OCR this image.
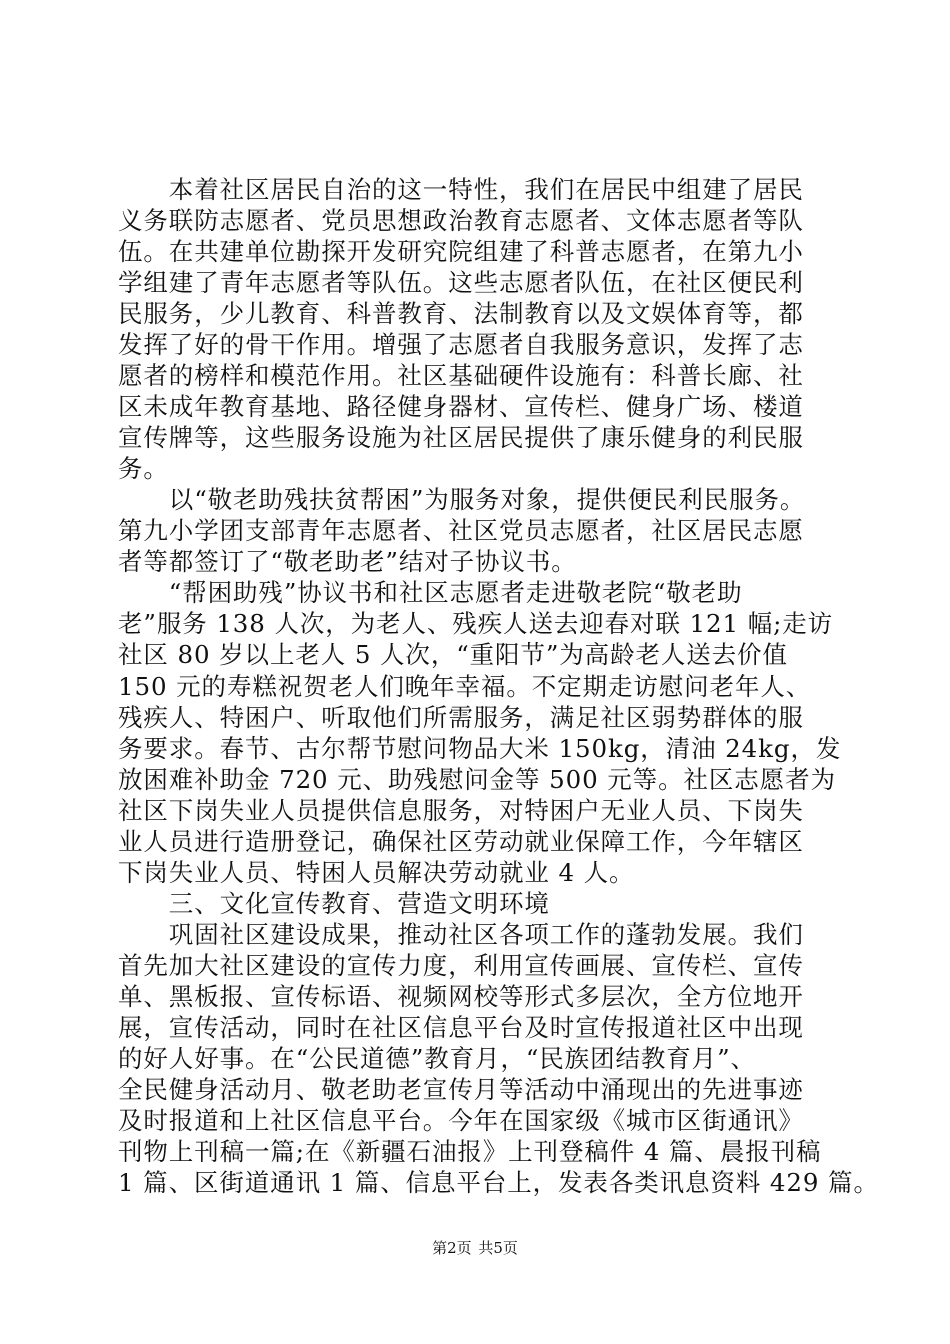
　　本着社区居民自治的这一特性，我们在居民中组建了居民
义务联防志愿者、党员思想政治教育志愿者、文体志愿者等队
伍。在共建单位勘探开发研究院组建了科普志愿者，在第九小
学组建了青年志愿者等队伍。这些志愿者队伍，在社区便民利
民服务，少儿教育、科普教育、法制教育以及文娱体育等，都
发挥了好的骨干作用。增强了志愿者自我服务意识，发挥了志
愿者的榜样和模范作用。社区基础硬件设施有：科普长廊、社
区未成年教育基地、路径健身器材、宣传栏、健身广场、楼道
宣传牌等，这些服务设施为社区居民提供了康乐健身的利民服
务。
　　以“敬老助残扶贫帮困”为服务对象，提供便民利民服务。
第九小学团支部青年志愿者、社区党员志愿者，社区居民志愿
者等都签订了“敬老助老”结对子协议书。
　　“帮困助残”协议书和社区志愿者走进敬老院“敬老助
老”服务 138 人次，为老人、残疾人送去迎春对联 121 幅;走访
社区 80 岁以上老人 5 人次，“重阳节”为高龄老人送去价值
150 元的寿糕祝贺老人们晚年幸福。不定期走访慰问老年人、
残疾人、特困户、听取他们所需服务，满足社区弱势群体的服
务要求。春节、古尔帮节慰问物品大米 150kg，清油 24kg，发
放困难补助金 720 元、助残慰问金等 500 元等。社区志愿者为
社区下岗失业人员提供信息服务，对特困户无业人员、下岗失
业人员进行造册登记，确保社区劳动就业保障工作，今年辖区
下岗失业人员、特困人员解决劳动就业 4 人。
　　三、文化宣传教育、营造文明环境
　　巩固社区建设成果，推动社区各项工作的蓬勃发展。我们
首先加大社区建设的宣传力度，利用宣传画展、宣传栏、宣传
单、黑板报、宣传标语、视频网校等形式多层次，全方位地开
展，宣传活动，同时在社区信息平台及时宣传报道社区中出现
的好人好事。在“公民道德”教育月，“民族团结教育月”、
全民健身活动月、敬老助老宣传月等活动中涌现出的先进事迹
及时报道和上社区信息平台。今年在国家级《城市区街通讯》
刊物上刊稿一篇;在《新疆石油报》上刊登稿件 4 篇、晨报刊稿
1 篇、区街道通讯 1 篇、信息平台上，发表各类讯息资料 429 篇。
第2页 共5页
